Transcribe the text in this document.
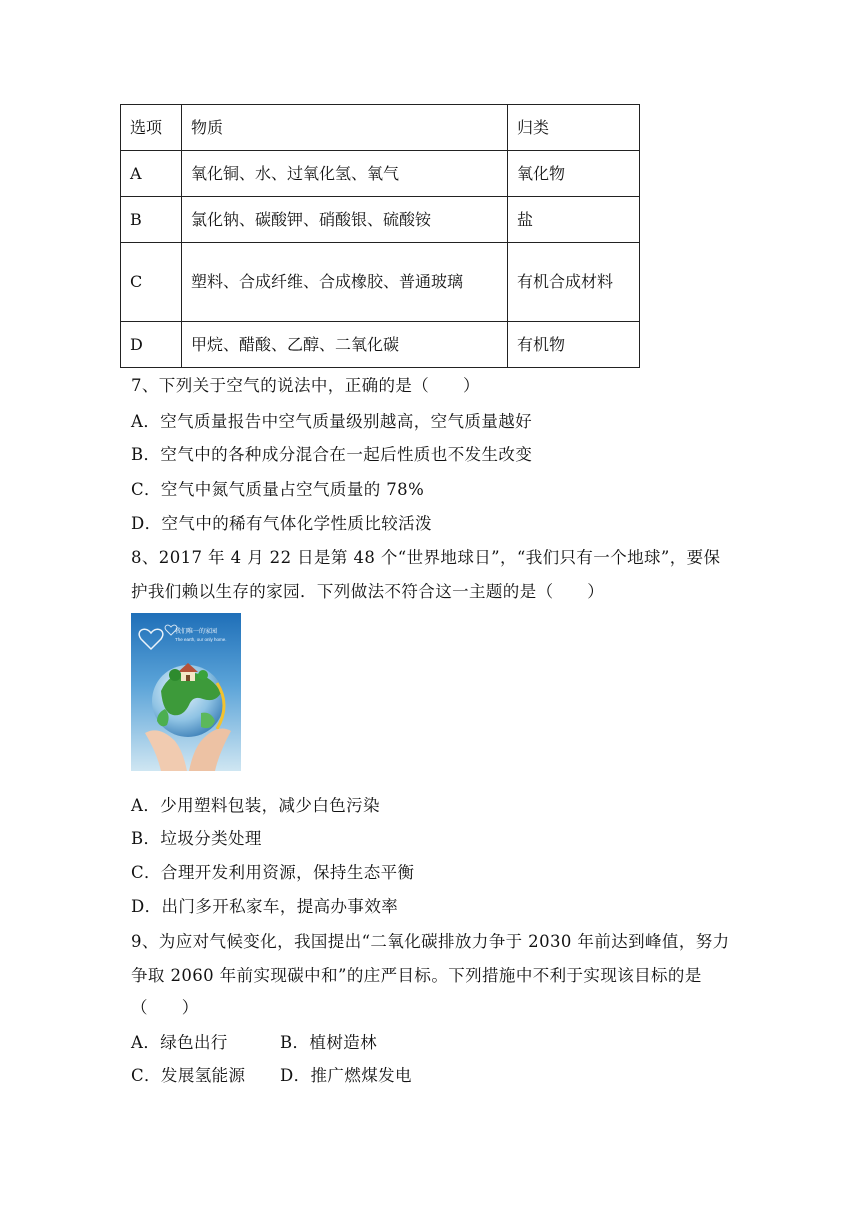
选项	物质	归类
A	氧化铜、水、过氧化氢、氧气	氧化物
B	氯化钠、碳酸钾、硝酸银、硫酸铵	盐
C	塑料、合成纤维、合成橡胶、普通玻璃	有机合成材料
D	甲烷、醋酸、乙醇、二氧化碳	有机物
7、下列关于空气的说法中，正确的是（　　）
A．空气质量报告中空气质量级别越高，空气质量越好
B．空气中的各种成分混合在一起后性质也不发生改变
C．空气中氮气质量占空气质量的 78%
D．空气中的稀有气体化学性质比较活泼
8、2017 年 4 月 22 日是第 48 个“世界地球日”，“我们只有一个地球”，要保
护我们赖以生存的家园．下列做法不符合这一主题的是（　　）
我们唯一的家园
The earth, our only home.
A．少用塑料包装，减少白色污染
B．垃圾分类处理
C．合理开发利用资源，保持生态平衡
D．出门多开私家车，提高办事效率
9、为应对气候变化，我国提出“二氧化碳排放力争于 2030 年前达到峰值，努力
争取 2060 年前实现碳中和”的庄严目标。下列措施中不利于实现该目标的是
（　　）
A．绿色出行	B．植树造林
C．发展氢能源 D．推广燃煤发电
